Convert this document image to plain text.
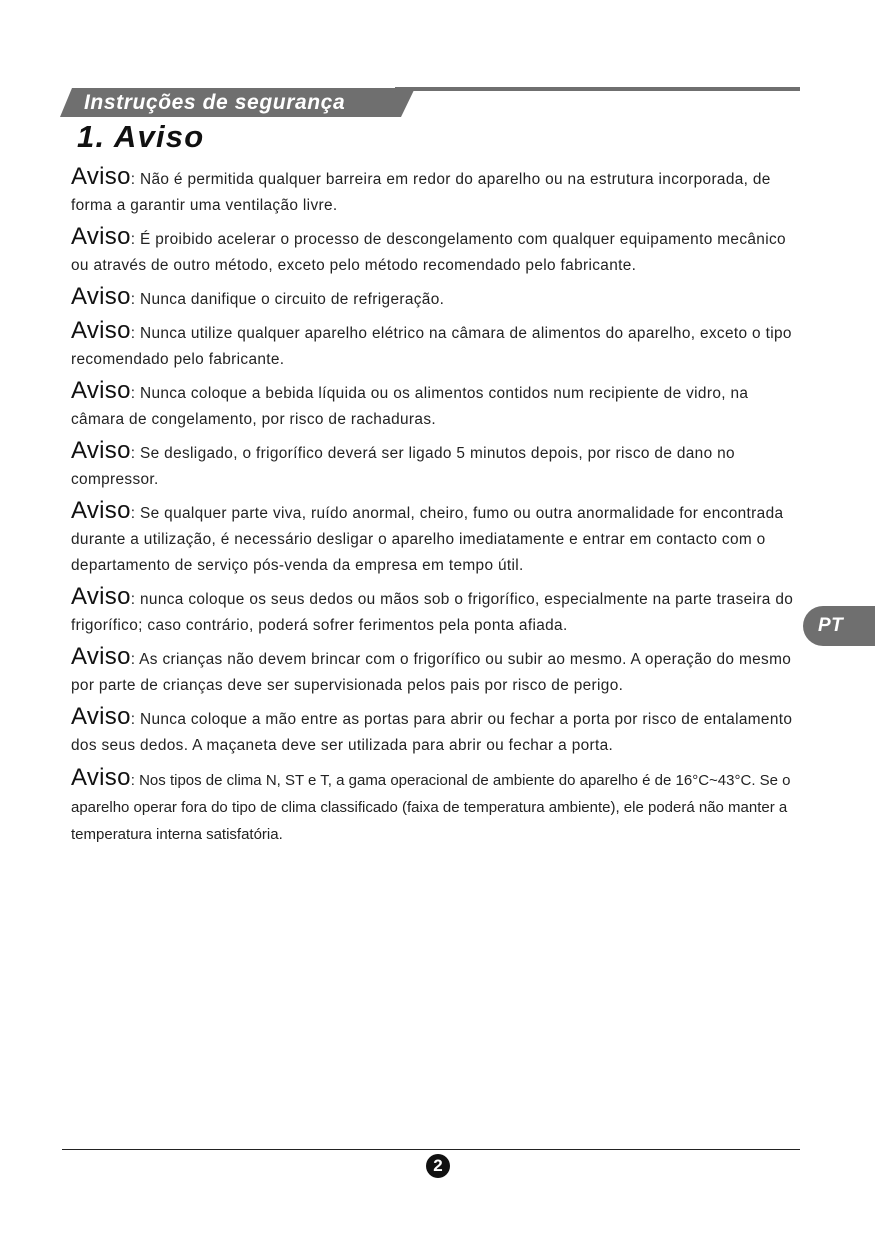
Instruções de segurança
1. Aviso

Aviso: Não é permitida qualquer barreira em redor do aparelho ou na estrutura incorporada, de forma a garantir uma ventilação livre.

Aviso: É proibido acelerar o processo de descongelamento com qualquer equipamento mecânico ou através de outro método, exceto pelo método recomendado pelo fabricante.

Aviso: Nunca danifique o circuito de refrigeração.

Aviso: Nunca utilize qualquer aparelho elétrico na câmara de alimentos do aparelho, exceto o tipo recomendado pelo fabricante.

Aviso: Nunca coloque a bebida líquida ou os alimentos contidos num recipiente de vidro, na câmara de congelamento, por risco de rachaduras.

Aviso: Se desligado, o frigorífico deverá ser ligado 5 minutos depois, por risco de dano no compressor.

Aviso: Se qualquer parte viva, ruído anormal, cheiro, fumo ou outra anormalidade for encontrada durante a utilização, é necessário desligar o aparelho imediatamente e entrar em contacto com o departamento de serviço pós-venda da empresa em tempo útil.

Aviso: nunca coloque os seus dedos ou mãos sob o frigorífico, especialmente na parte traseira do frigorífico; caso contrário, poderá sofrer ferimentos pela ponta afiada.

Aviso: As crianças não devem brincar com o frigorífico ou subir ao mesmo. A operação do mesmo por parte de crianças deve ser supervisionada pelos pais por risco de perigo.

Aviso: Nunca coloque a mão entre as portas para abrir ou fechar a porta por risco de entalamento dos seus dedos. A maçaneta deve ser utilizada para abrir ou fechar a porta.

Aviso: Nos tipos de clima N, ST e T, a gama operacional de ambiente do aparelho é de 16°C~43°C. Se o aparelho operar fora do tipo de clima classificado (faixa de temperatura ambiente), ele poderá não manter a temperatura interna satisfatória.

PT
2
